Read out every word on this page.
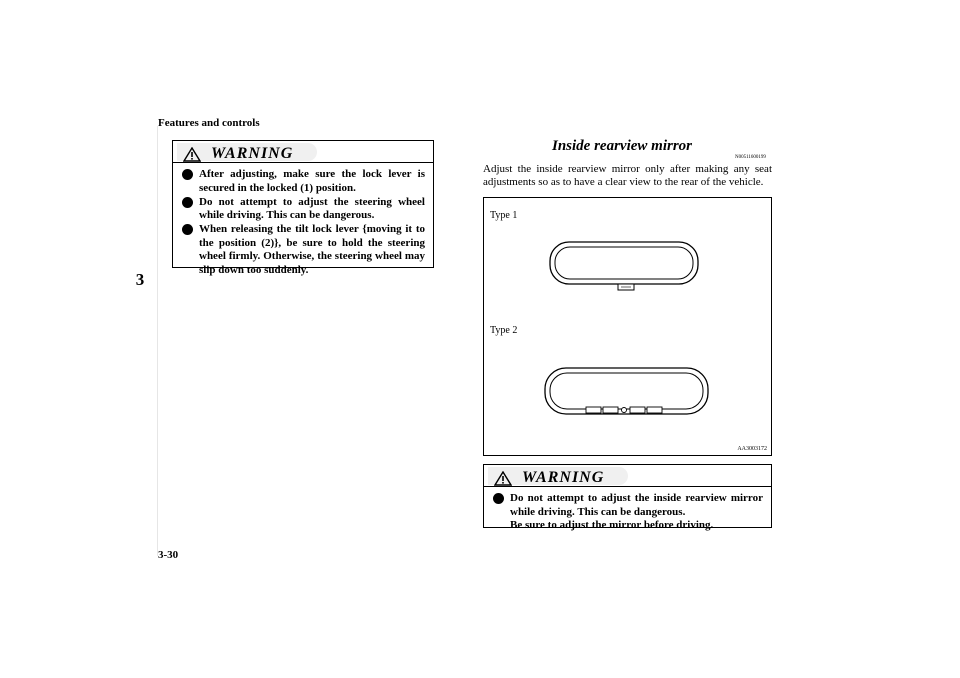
Features and controls
3
WARNING
After adjusting, make sure the lock lever is secured in the locked (1) position.
Do not attempt to adjust the steering wheel while driving. This can be dangerous.
When releasing the tilt lock lever {moving it to the position (2)}, be sure to hold the steering wheel firmly. Otherwise, the steering wheel may slip down too suddenly.
Inside rearview mirror
N00511600199
Adjust the inside rearview mirror only after making any seat adjustments so as to have a clear view to the rear of the vehicle.
Type 1
Type 2
AA3003172
WARNING
Do not attempt to adjust the inside rearview mirror while driving. This can be dangerous.
Be sure to adjust the mirror before driving.
3-30
